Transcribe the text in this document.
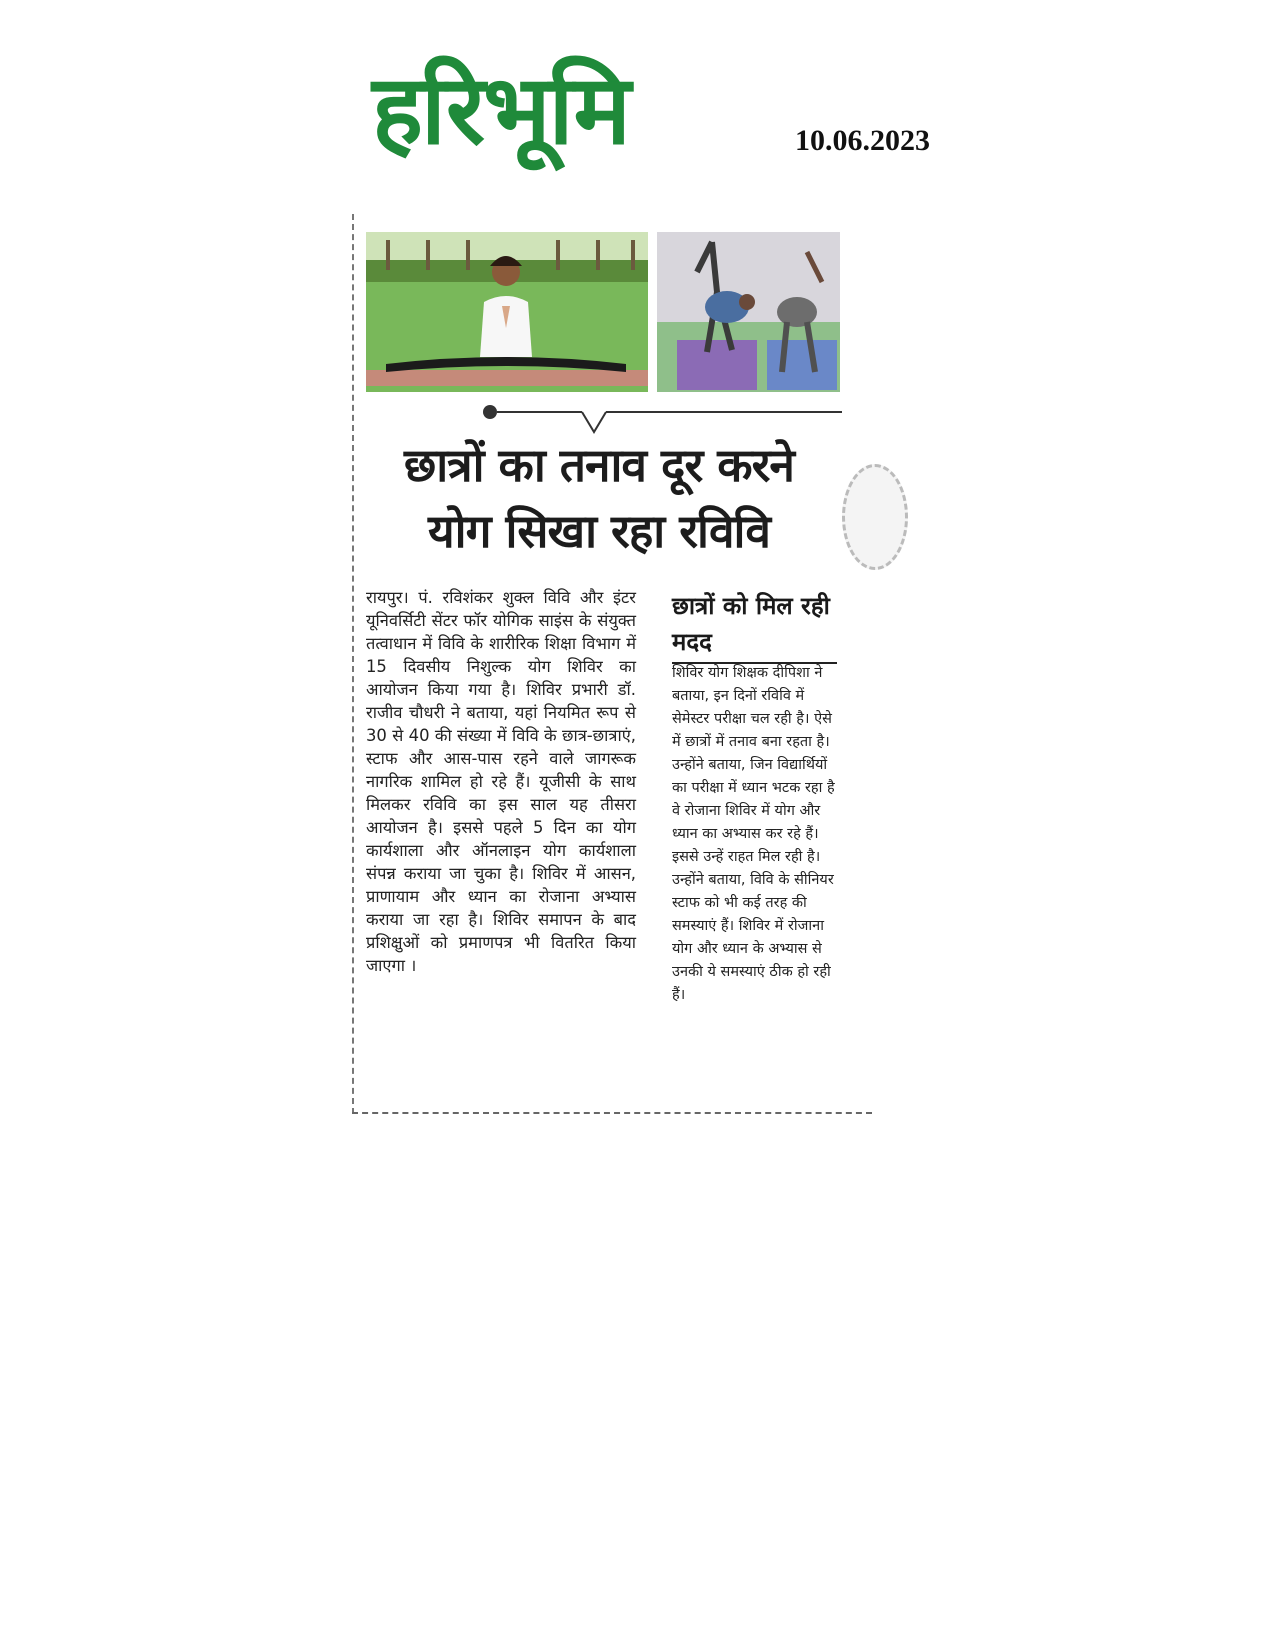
हरिभूमि	10.06.2023
छात्रों का तनाव दूर करने
योग सिखा रहा रविवि

रायपुर। पं. रविशंकर शुक्ल विवि और इंटर यूनिवर्सिटी सेंटर फॉर योगिक साइंस के संयुक्त तत्वाधान में विवि के शारीरिक शिक्षा विभाग में 15 दिवसीय निशुल्क योग शिविर का आयोजन किया गया है। शिविर प्रभारी डॉ. राजीव चौधरी ने बताया, यहां नियमित रूप से 30 से 40 की संख्या में विवि के छात्र-छात्राएं, स्टाफ और आस-पास रहने वाले जागरूक नागरिक शामिल हो रहे हैं। यूजीसी के साथ मिलकर रविवि का इस साल यह तीसरा आयोजन है। इससे पहले 5 दिन का योग कार्यशाला और ऑनलाइन योग कार्यशाला संपन्न कराया जा चुका है। शिविर में आसन, प्राणायाम और ध्यान का रोजाना अभ्यास कराया जा रहा है। शिविर समापन के बाद प्रशिक्षुओं को प्रमाणपत्र भी वितरित किया जाएगा ।

छात्रों को मिल रही मदद

शिविर योग शिक्षक दीपिशा ने बताया, इन दिनों रविवि में सेमेस्टर परीक्षा चल रही है। ऐसे में छात्रों में तनाव बना रहता है। उन्होंने बताया, जिन विद्यार्थियों का परीक्षा में ध्यान भटक रहा है वे रोजाना शिविर में योग और ध्यान का अभ्यास कर रहे हैं। इससे उन्हें राहत मिल रही है। उन्होंने बताया, विवि के सीनियर स्टाफ को भी कई तरह की समस्याएं हैं। शिविर में रोजाना योग और ध्यान के अभ्यास से उनकी ये समस्याएं ठीक हो रही हैं।
